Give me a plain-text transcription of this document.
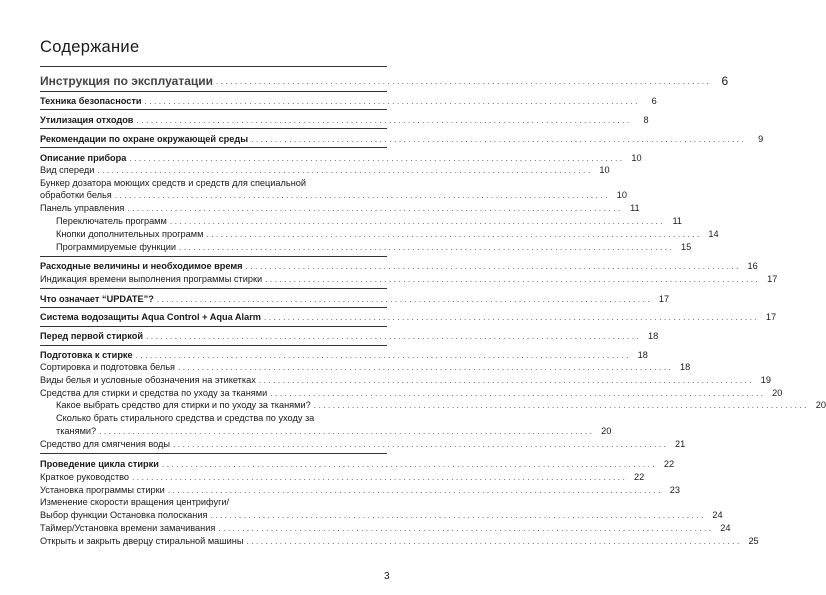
Содержание
Инструкция по эксплуатации ........................................................................................................ 6
Техника безопасности ........................................................................................................	6
Утилизация отходов ........................................................................................................	8
Рекомендации по охране окружающей среды ........................................................................................................	9
Описание прибора ........................................................................................................ 10
Вид спереди ........................................................................................................ 10
Бункер дозатора моющих средств и средств для специальной
обработки белья ........................................................................................................ 10
Панель управления ........................................................................................................ 11
Переключатель программ ........................................................................................................ 11
Кнопки дополнительных программ ........................................................................................................ 14
Программируемые функции ........................................................................................................ 15
Расходные величины и необходимое время ........................................................................................................ 16
Индикация времени выполнения программы стирки ........................................................................................................ 17
Что означает “UPDATE”? ........................................................................................................ 17
Система водозащиты Aqua Control + Aqua Alarm ........................................................................................................ 17
Перед первой стиркой ........................................................................................................ 18
Подготовка к стирке ........................................................................................................ 18
Сортировка и подготовка белья ........................................................................................................ 18
Виды белья и условные обозначения на этикетках ........................................................................................................ 19
Средства для стирки и средства по уходу за тканями ........................................................................................................ 20
Какое выбрать средство для стирки и по уходу за тканями? ........................................................................................................ 20
Сколько брать стирального средства и средства по уходу за
тканями? ........................................................................................................ 20
Средство для смягчения воды ........................................................................................................ 21
Проведение цикла стирки ........................................................................................................ 22
Краткое руководство ........................................................................................................ 22
Установка программы стирки ........................................................................................................ 23
Изменение скорости вращения центрифуги/
Выбор функции Остановка полоскания ........................................................................................................ 24
Таймер/Установка времени замачивания ........................................................................................................ 24
Открыть и закрыть дверцу стиральной машины ........................................................................................................ 25
3
